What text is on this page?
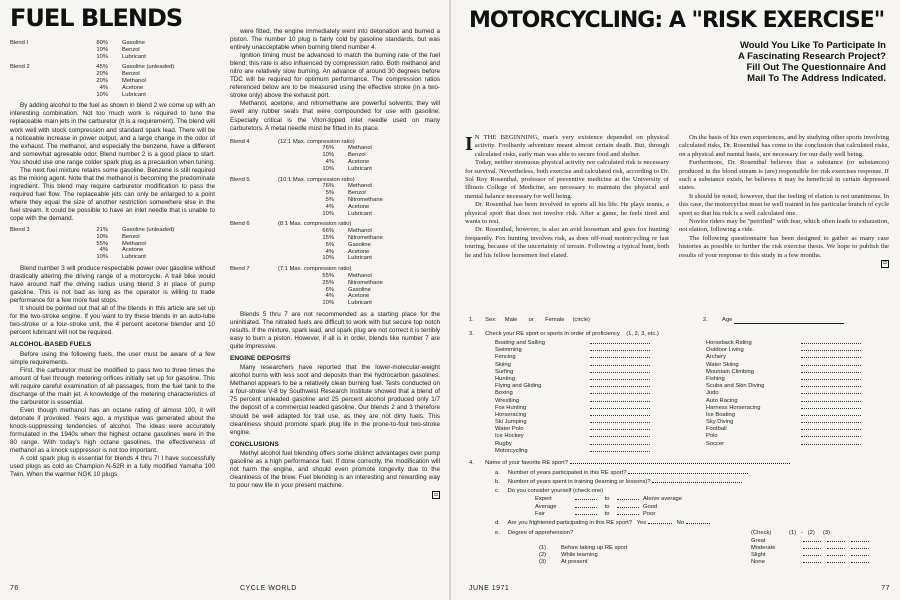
FUEL BLENDS
Blend I	80%	Gasoline
	10%	Benzol
	10%	Lubricant
Blend 2	45%	Gasoline (unleaded)
	20%	Benzol
	20%	Methanol
	4%	Acetone
	10%	Lubricant

By adding alcohol to the fuel as shown in blend 2 we come up with an interesting combination. Not too much work is required to tune the replaceable main jets in the carburetor (it is a requirement). The blend will work well with stock compression and standard spark lead. There will be a noticeable increase in power output, and a large change in the odor of the exhaust. The methanol, and especially the benzene, have a different and somewhat agreeable odor. Blend number 2 is a good place to start. You should use one range colder spark plug as a precaution when tuning.

The next fuel mixture retains some gasoline. Benzene is still required as the mixing agent. Note that the methanol is becoming the predominate ingredient. This blend may require carburetor modification to pass the required fuel flow. The replaceable jets can only be enlarged to a point where they equal the size of another restriction somewhere else in the fuel stream. It could be possible to have an inlet needle that is unable to cope with the demand.

Blend 3	21%	Gasoline (unleaded)
	10%	Benzol
	55%	Methanol
	4%	Acetone
	10%	Lubricant

Blend number 3 will produce respectable power over gasoline without drastically altering the driving range of a motorcycle. A trail bike would have around half the driving radius using blend 3 in place of pump gasoline. This is not bad as long as the operator is willing to trade performance for a few more fuel stops.

It should be pointed out that all of the blends in this article are set up for the two-stroke engine. If you want to try these blends in an auto-lube two-stroke or a four-stroke unit, the 4 percent acetone blender and 10 percent lubricant will not be required.

ALCOHOL-BASED FUELS

Before using the following fuels, the user must be aware of a few simple requirements.

First, the carburetor must be modified to pass two to three times the amount of fuel through metering orifices initially set up for gasoline. This will require careful examination of all passages, from the fuel tank to the discharge of the main jet. A knowledge of the metering characteristics of the carburetor is essential.

Even though methanol has an octane rating of almost 100, it will detonate if provoked. Years ago, a mystique was generated about the knock-suppressing tendencies of alcohol. The ideas were accurately formulated in the 1940s when the highest octane gasolines were in the 80 range. With today's high octane gasolines, the effectiveness of methanol as a knock suppressor is not too important.

A cold spark plug is essential for blends 4 thru 7! I have successfully used plugs as cold as Champion N-52R in a fully modified Yamaha 100 Twin. When the warmer NGK 10 plugs

were fitted, the engine immediately went into detonation and burned a piston. The number 10 plug is fairly cold by gasoline standards, but was entirely unacceptable when burning blend number 4.

Ignition timing must be advanced to match the burning rate of the fuel blend; this rate is also influenced by compression ratio. Both methanol and nitro are relatively slow burning. An advance of around 30 degrees before TDC will be required for optimum performance. The compression ratios referenced below are to be measured using the effective stroke (in a two-stroke only) above the exhaust port.

Methanol, acetone, and nitromethane are powerful solvents; they will swell any rubber seals that were compounded for use with gasoline. Especially critical is the Viton-tipped inlet needle used on many carburetors. A metal needle must be fitted in its place.

Blend 4	(12:1 Max. compression ratio)	
	76%	Methanol
	10%	Benzol
	4%	Acetone
	10%	Lubricant
Blend 5	(10:1 Max. compression ratio)	
	76%	Methanol
	5%	Benzol
	5%	Nitromethane
	4%	Acetone
	10%	Lubricant
Blend 6	(8:1 Max. compression ratio)	
	66%	Methanol
	15%	Nitromethane
	5%	Gasoline
	4%	Acetone
	10%	Lubricant
Blend 7	(7:1 Max. compression ratio)	
	55%	Methanol
	25%	Nitromethane
	6%	Gasoline
	4%	Acetone
	10%	Lubricant

Blends 5 thru 7 are not recommended as a starting place for the uninitiated. The nitrated fuels are difficult to work with but secure top notch results. If the mixture, spark lead, and spark plug are not correct it is terribly easy to burn a piston. However, if all is in order, blends like number 7 are quite impressive.

ENGINE DEPOSITS

Many researchers have reported that the lower-molecular-weight alcohol burns with less soot and deposits than the hydrocarbon gasolines. Methanol appears to be a relatively clean burning fuel. Tests conducted on a four-stroke V-8 by Southwest Research Institute showed that a blend of 75 percent unleaded gasoline and 25 percent alcohol produced only 1/7 the deposit of a commercial leaded gasoline. Our blends 2 and 3 therefore should be well adapted for trail use, as they are not dirty fuels. This cleanliness should promote spark plug life in the prone-to-foul two-stroke engine.

CONCLUSIONS

Methyl alcohol fuel blending offers some distinct advantages over pump gasoline as a high performance fuel. If done correctly, the modification will not harm the engine, and should even promote longevity due to the cleanliness of the brew. Fuel blending is an interesting and rewarding way to pour new life in your present machine.

◘
76	CYCLE WORLD
MOTORCYCLING: A "RISK EXERCISE"
Would You Like To Participate In
A Fascinating Research Project?
Fill Out The Questionnaire And
Mail To The Address Indicated.

I N THE BEGINNING, man's very existence depended on physical activity. Foolhardy adventure meant almost certain death. But, through calculated risks, early man was able to secure food and shelter.

Today, neither strenuous physical activity nor calculated risk is necessary for survival. Nevertheless, both exercise and calculated risk, according to Dr. Sol Roy Rosenthal, professor of preventive medicine at the University of Illinois College of Medicine, are necessary to maintain the physical and mental balance necessary for well being.

Dr. Rosenthal has been involved in sports all his life. He plays tennis, a physical sport that does not involve risk. After a game, he feels tired and wants to rest.

Dr. Rosenthal, however, is also an avid horseman and goes fox hunting frequently. Fox hunting involves risk, as does off-road motorcycling or fast touring, because of the uncertainty of terrain. Following a typical hunt, both he and his fellow horsemen feel elated.

On the basis of his own experiences, and by studying other sports involving calculated risks, Dr. Rosenthal has come to the conclusion that calculated risks, on a physical and mental basis, are necessary for our daily well being.

Furthermore, Dr. Rosenthal believes that a substance (or substances) produced in the blood stream is (are) responsible for risk exercises response. If such a substance exists, he believes it may be beneficial in certain depressed states.

It should be noted, however, that the feeling of elation is not unanimous. In this case, the motorcyclist must be well trained in his particular branch of cycle sport so that his risk is a well calculated one.

Novice riders may be "petrified" with fear, which often leads to exhaustion, not elation, following a ride.

The following questionnaire has been designed to gather as many case histories as possible to further the risk exercise thesis. We hope to publish the results of your response to this study in a few months.

◘
1. Sex: Male or Female (circle)	2. Age
3. Check your RE sport or sports in order of proficiency (1, 2, 3, etc.)
Boating and Sailing
Swimming
Fencing
Skiing
Surfing
Hunting
Flying and Gliding
Boxing
Wrestling
Fox Hunting
Horseracing
Ski Jumping
Water Polo
Ice Hockey
Rugby
Motorcycling
Horseback Riding
Outdoor Living
Archery
Water Skiing
Mountain Climbing
Fishing
Scuba and Skin Diving
Judo
Auto Racing
Harness Horseracing
Ice Boating
Sky Diving
Football
Polo
Soccer
4. Name of your favorite RE sport?
a. Number of years participated in this RE sport?
b. Number of years spent in training (learning or lessons)?
c. Do you consider yourself (check one)
Expert	to	Above average
Average	to	Good
Fair	to	Poor
d. Are you frightened participating in this RE sport? Yes	No
e. Degree of apprehension?	(Check)	(1) - (2) (3)
Great
Moderate
Slight
None
(1)	Before taking up RE sport
(2)	While learning
(3)	At present
JUNE 1971	77
